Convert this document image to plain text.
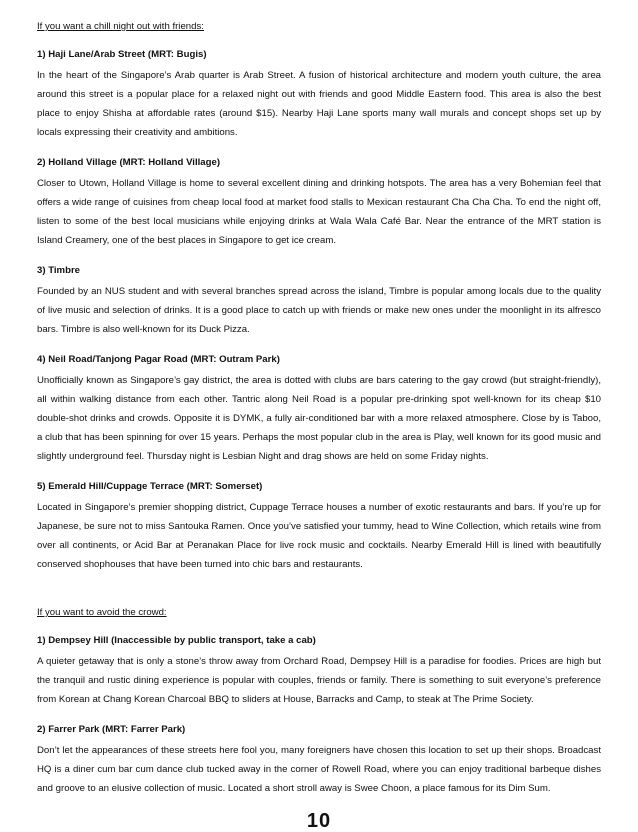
If you want a chill night out with friends:

1) Haji Lane/Arab Street (MRT: Bugis)

In the heart of the Singapore’s Arab quarter is Arab Street. A fusion of historical architecture and modern youth culture, the area around this street is a popular place for a relaxed night out with friends and good Middle Eastern food. This area is also the best place to enjoy Shisha at affordable rates (around $15). Nearby Haji Lane sports many wall murals and concept shops set up by locals expressing their creativity and ambitions.

2) Holland Village (MRT: Holland Village)

Closer to Utown, Holland Village is home to several excellent dining and drinking hotspots. The area has a very Bohemian feel that offers a wide range of cuisines from cheap local food at market food stalls to Mexican restaurant Cha Cha Cha. To end the night off, listen to some of the best local musicians while enjoying drinks at Wala Wala Café Bar. Near the entrance of the MRT station is Island Creamery, one of the best places in Singapore to get ice cream.

3) Timbre

Founded by an NUS student and with several branches spread across the island, Timbre is popular among locals due to the quality of live music and selection of drinks. It is a good place to catch up with friends or make new ones under the moonlight in its alfresco bars. Timbre is also well-known for its Duck Pizza.

4) Neil Road/Tanjong Pagar Road (MRT: Outram Park)

Unofficially known as Singapore’s gay district, the area is dotted with clubs are bars catering to the gay crowd (but straight-friendly), all within walking distance from each other. Tantric along Neil Road is a popular pre-drinking spot well-known for its cheap $10 double-shot drinks and crowds. Opposite it is DYMK, a fully air-conditioned bar with a more relaxed atmosphere. Close by is Taboo, a club that has been spinning for over 15 years. Perhaps the most popular club in the area is Play, well known for its good music and slightly underground feel. Thursday night is Lesbian Night and drag shows are held on some Friday nights.

5) Emerald Hill/Cuppage Terrace (MRT: Somerset)

Located in Singapore’s premier shopping district, Cuppage Terrace houses a number of exotic restaurants and bars. If you’re up for Japanese, be sure not to miss Santouka Ramen. Once you’ve satisfied your tummy, head to Wine Collection, which retails wine from over all continents, or Acid Bar at Peranakan Place for live rock music and cocktails. Nearby Emerald Hill is lined with beautifully conserved shophouses that have been turned into chic bars and restaurants.

If you want to avoid the crowd:

1) Dempsey Hill (Inaccessible by public transport, take a cab)

A quieter getaway that is only a stone’s throw away from Orchard Road, Dempsey Hill is a paradise for foodies. Prices are high but the tranquil and rustic dining experience is popular with couples, friends or family. There is something to suit everyone’s preference from Korean at Chang Korean Charcoal BBQ to sliders at House, Barracks and Camp, to steak at The Prime Society.

2) Farrer Park (MRT: Farrer Park)

Don’t let the appearances of these streets here fool you, many foreigners have chosen this location to set up their shops. Broadcast HQ is a diner cum bar cum dance club tucked away in the corner of Rowell Road, where you can enjoy traditional barbeque dishes and groove to an elusive collection of music. Located a short stroll away is Swee Choon, a place famous for its Dim Sum.

10
